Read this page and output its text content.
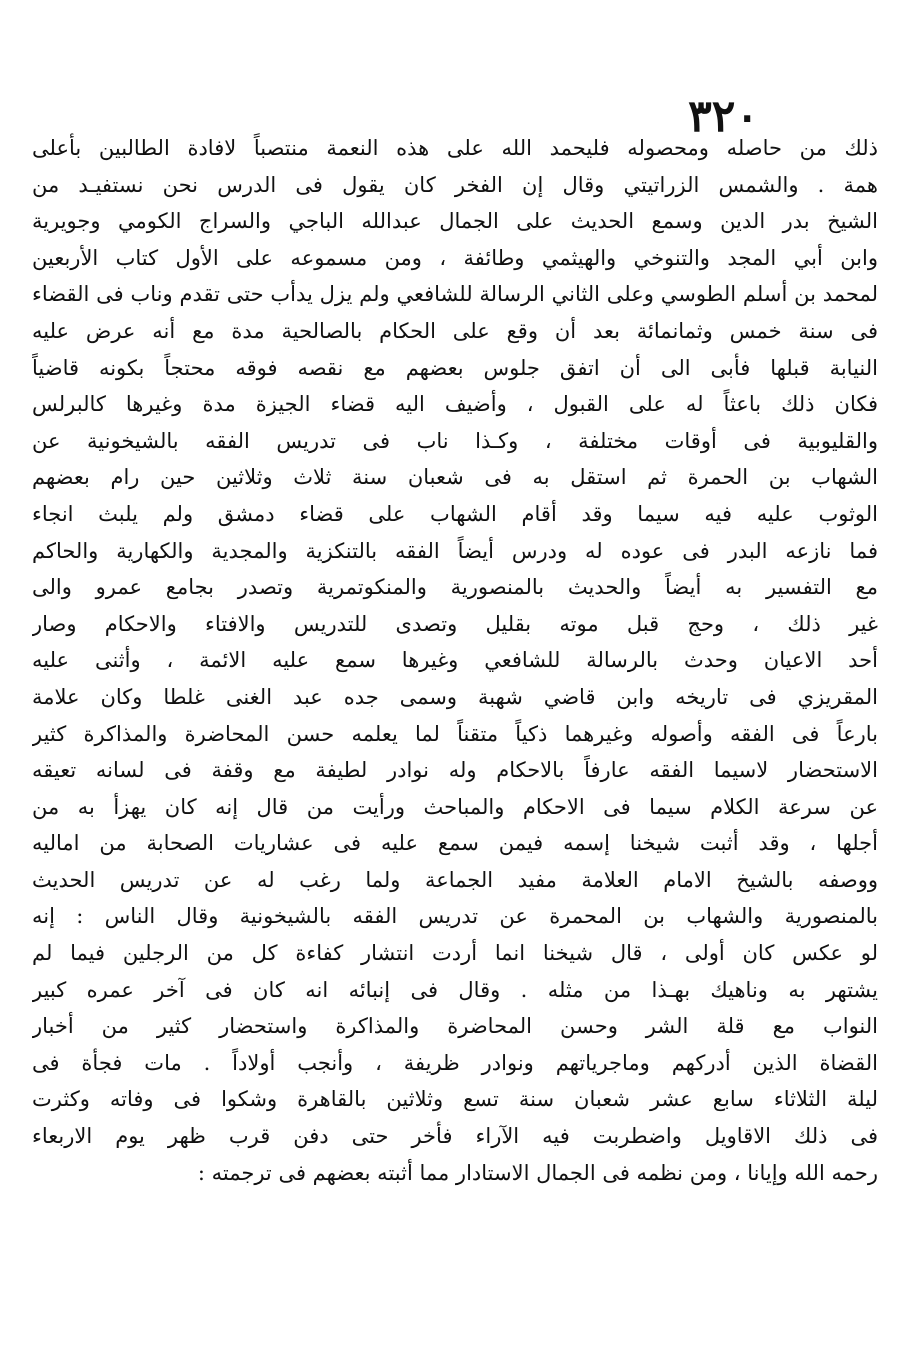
٣٢٠
ذلك من حاصله ومحصوله فليحمد الله على هذه النعمة منتصباً لافادة الطالبين بأعلى
همة . والشمس الزراتيتي وقال إن الفخر كان يقول فى الدرس نحن نستفيـد من
الشيخ بدر الدين وسمع الحديث على الجمال عبدالله الباجي والسراج الكومي وجويرية
وابن أبي المجد والتنوخي والهيثمي وطائفة ، ومن مسموعه على الأول كتاب الأربعين
لمحمد بن أسلم الطوسي وعلى الثاني الرسالة للشافعي ولم يزل يدأب حتى تقدم وناب فى القضاء
فى سنة خمس وثمانمائة بعد أن وقع على الحكام بالصالحية مدة مع أنه عرض عليه
النيابة قبلها فأبى الى أن اتفق جلوس بعضهم مع نقصه فوقه محتجاً بكونه قاضياً
فكان ذلك باعثاً له على القبول ، وأضيف اليه قضاء الجيزة مدة وغيرها كالبرلس
والقليوبية فى أوقات مختلفة ، وكـذا ناب فى تدريس الفقه بالشيخونية عن
الشهاب بن الحمرة ثم استقل به فى شعبان سنة ثلاث وثلاثين حين رام بعضهم
الوثوب عليه فيه سيما وقد أقام الشهاب على قضاء دمشق ولم يلبث انجاء
فما نازعه البدر فى عوده له ودرس أيضاً الفقه بالتنكزية والمجدية والكهارية والحاكم
مع التفسير به أيضاً والحديث بالمنصورية والمنكوتمرية وتصدر بجامع عمرو والى
غير ذلك ، وحج قبل موته بقليل وتصدى للتدريس والافتاء والاحكام وصار
أحد الاعيان وحدث بالرسالة للشافعي وغيرها سمع عليه الائمة ، وأثنى عليه
المقريزي فى تاريخه وابن قاضي شهبة وسمى جده عبد الغنى غلطا وكان علامة
بارعاً فى الفقه وأصوله وغيرهما ذكياً متقناً لما يعلمه حسن المحاضرة والمذاكرة كثير
الاستحضار لاسيما الفقه عارفاً بالاحكام وله نوادر لطيفة مع وقفة فى لسانه تعيقه
عن سرعة الكلام سيما فى الاحكام والمباحث ورأيت من قال إنه كان يهزأ به من
أجلها ، وقد أثبت شيخنا إسمه فيمن سمع عليه فى عشاريات الصحابة من اماليه
ووصفه بالشيخ الامام العلامة مفيد الجماعة ولما رغب له عن تدريس الحديث
بالمنصورية والشهاب بن المحمرة عن تدريس الفقه بالشيخونية وقال الناس : إنه
لو عكس كان أولى ، قال شيخنا انما أردت انتشار كفاءة كل من الرجلين فيما لم
يشتهر به وناهيك بهـذا من مثله . وقال فى إنبائه انه كان فى آخر عمره كبير
النواب مع قلة الشر وحسن المحاضرة والمذاكرة واستحضار كثير من أخبار
القضاة الذين أدركهم وماجرياتهم ونوادر ظريفة ، وأنجب أولاداً . مات فجأة فى
ليلة الثلاثاء سابع عشر شعبان سنة تسع وثلاثين بالقاهرة وشكوا فى وفاته وكثرت
فى ذلك الاقاويل واضطربت فيه الآراء فأخر حتى دفن قرب ظهر يوم الاربعاء
رحمه الله وإيانا ، ومن نظمه فى الجمال الاستادار مما أثبته بعضهم فى ترجمته :
